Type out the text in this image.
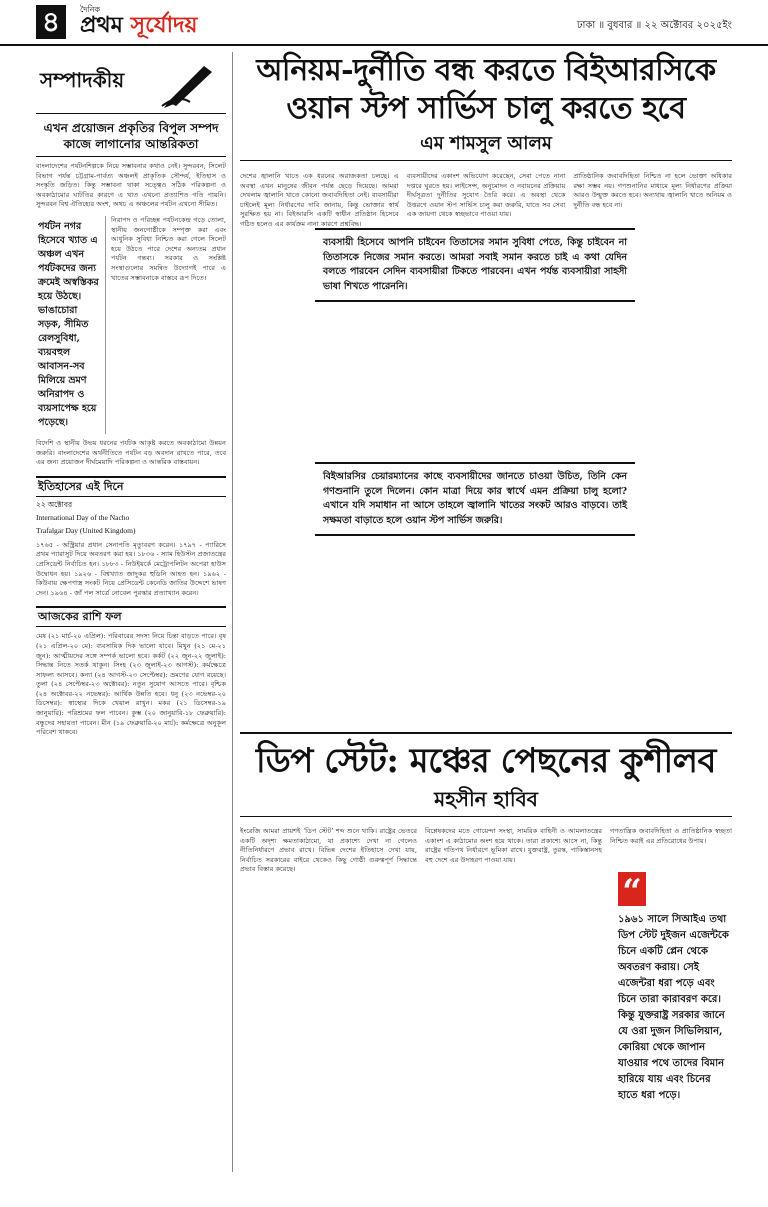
৪	দৈনিক
প্রথম সূর্যোদয়	ঢাকা ॥ বুধবার ॥ ২২ অক্টোবর ২০২৫ইং
সম্পাদকীয়
এখন প্রয়োজন প্রকৃতির বিপুল সম্পদ কাজে লাগানোর আন্তরিকতা

বাংলাদেশের পর্যটনশিল্পকে নিয়ে সম্ভাবনার কথাও নেই। সুন্দরবন, সিলেট বিভাগ পর্যন্ত চট্টগ্রাম-পার্বত্য অঞ্চলই প্রাকৃতিক সৌন্দর্য, ইতিহাস ও সংস্কৃতি জড়িত। কিন্তু সম্ভাবনা থাকা সত্ত্বেও সঠিক পরিকল্পনা ও অবকাঠামোর ঘাটতির কারণে এ খাত এখনো প্রত্যাশিত গতি পায়নি। সুন্দরবন বিশ্ব ঐতিহ্যের অংশ, অথচ এ অঞ্চলের পর্যটন এখনো সীমিত।

পর্যটন নগর হিসেবে খ্যাত এ অঞ্চল এখন পর্যটকদের জন্য ক্রমেই অস্বস্তিকর হয়ে উঠছে। ভাঙাচোরা সড়ক, সীমিত রেলসুবিধা, ব্যয়বহুল আবাসন-সব মিলিয়ে ভ্রমণ অনিরাপদ ও ব্যয়সাপেক্ষ হয়ে পড়েছে।

নিরাপদ ও পরিচ্ছন্ন পর্যটনকেন্দ্র গড়ে তোলা, স্থানীয় জনগোষ্ঠীকে সম্পৃক্ত করা এবং আধুনিক সুবিধা নিশ্চিত করা গেলে সিলেট হয়ে উঠতে পারে দেশের অন্যতম প্রধান পর্যটন গন্তব্য। সরকার ও সংশ্লিষ্ট সংস্থাগুলোর সমন্বিত উদ্যোগই পারে এ খাতের সম্ভাবনাকে বাস্তবে রূপ দিতে।

বিদেশি ও স্থানীয় উভয় ধরনের পর্যটক আকৃষ্ট করতে অবকাঠামো উন্নয়ন জরুরি। বাংলাদেশের অর্থনীতিতে পর্যটন বড় অবদান রাখতে পারে, তবে এর জন্য প্রয়োজন দীর্ঘমেয়াদি পরিকল্পনা ও আন্তরিক বাস্তবায়ন।

ইতিহাসের এই দিনে
২২ অক্টোবর
International Day of the Nacho
Trafalgar Day (United Kingdom)

১৭৬৫ - অস্ট্রিয়ার প্রধান সেনাপতি মৃত্যুবরণ করেন। ১৭৯৭ - প্যারিসে প্রথম প্যারাসুট দিয়ে অবতরণ করা হয়। ১৮৩৬ - স্যাম হিউস্টন প্রজাতন্ত্রের প্রেসিডেন্ট নির্বাচিত হন। ১৮৮৩ - নিউইয়র্কে মেট্রোপলিটন অপেরা হাউস উদ্বোধন হয়। ১৯২৬ - বিশ্বখ্যাত জাদুকর হুডিনি আহত হন। ১৯৬২ - কিউবায় ক্ষেপণাস্ত্র সংকট নিয়ে প্রেসিডেন্ট কেনেডি জাতির উদ্দেশে ভাষণ দেন। ১৯৬৪ - জাঁ পল সার্ত্রে নোবেল পুরস্কার প্রত্যাখ্যান করেন।

আজকের রাশি ফল

মেষ (২১ মার্চ-২০ এপ্রিল): পরিবারের সদস্য নিয়ে চিন্তা বাড়তে পারে। বৃষ (২১ এপ্রিল-২০ মে): ব্যবসায়িক দিক ভালো যাবে। মিথুন (২১ মে-২১ জুন): আত্মীয়দের সঙ্গে সম্পর্ক ভালো হবে। কর্কট (২২ জুন-২২ জুলাই): সিদ্ধান্ত নিতে সতর্ক থাকুন। সিংহ (২৩ জুলাই-২৩ আগস্ট): কর্মক্ষেত্রে সাফল্য আসবে। কন্যা (২৪ আগস্ট-২৩ সেপ্টেম্বর): ভ্রমণের যোগ রয়েছে। তুলা (২৪ সেপ্টেম্বর-২৩ অক্টোবর): নতুন সুযোগ আসতে পারে। বৃশ্চিক (২৪ অক্টোবর-২২ নভেম্বর): আর্থিক উন্নতি হবে। ধনু (২৩ নভেম্বর-২০ ডিসেম্বর): স্বাস্থ্যের দিকে খেয়াল রাখুন। মকর (২১ ডিসেম্বর-১৯ জানুয়ারি): পরিশ্রমের ফল পাবেন। কুম্ভ (২০ জানুয়ারি-১৮ ফেব্রুয়ারি): বন্ধুদের সহায়তা পাবেন। মীন (১৯ ফেব্রুয়ারি-২০ মার্চ): কর্মক্ষেত্রে অনুকূল পরিবেশ থাকবে।

অনিয়ম-দুর্নীতি বন্ধ করতে বিইআরসিকে ওয়ান স্টপ সার্ভিস চালু করতে হবে
এম শামসুল আলম

দেশের জ্বালানি খাতে এক ধরনের অরাজকতা চলছে। এ অবস্থা এখন মানুষের জীবন পর্যন্ত ছেড়ে দিয়েছে। আমরা দেখলাম জ্বালানি খাতে কোনো জবাবদিহিতা নেই। ব্যবসায়ীরা চাইলেই মূল্য নির্ধারণের দাবি জানায়, কিন্তু ভোক্তার স্বার্থ সুরক্ষিত হয় না। বিইআরসি একটি স্বাধীন প্রতিষ্ঠান হিসেবে গঠিত হলেও এর কার্যক্রম নানা কারণে প্রশ্নবিদ্ধ।

ব্যবসায়ীদের একাংশ অভিযোগ করেছেন, সেবা পেতে নানা দপ্তরে ঘুরতে হয়। লাইসেন্স, অনুমোদন ও নবায়নের প্রক্রিয়ায় দীর্ঘসূত্রতা দুর্নীতির সুযোগ তৈরি করে। এ অবস্থা থেকে উত্তরণে ওয়ান স্টপ সার্ভিস চালু করা জরুরি, যাতে সব সেবা এক জায়গা থেকে স্বচ্ছভাবে পাওয়া যায়।

প্রাতিষ্ঠানিক জবাবদিহিতা নিশ্চিত না হলে ভোক্তা অধিকার রক্ষা সম্ভব নয়। গণশুনানির মাধ্যমে মূল্য নির্ধারণের প্রক্রিয়া আরও উন্মুক্ত করতে হবে। অন্যথায় জ্বালানি খাতে অনিয়ম ও দুর্নীতি বন্ধ হবে না।

ব্যবসায়ী হিসেবে আপনি চাইবেন তিতাসের সমান সুবিধা পেতে, কিন্তু চাইবেন না তিতাসকে নিজের সমান করতে। আমরা সবাই সমান করতে চাই এ কথা যেদিন বলতে পারবেন সেদিন ব্যবসায়ীরা টিকতে পারবেন। এখন পর্যন্ত ব্যবসায়ীরা সাহসী ভাষা শিখতে পারেননি।
বিইআরসির চেয়ারম্যানের কাছে ব্যবসায়ীদের জানতে চাওয়া উচিত, তিনি কেন গণশুনানি তুলে দিলেন। কোন মাত্রা দিয়ে কার স্বার্থে এমন প্রক্রিয়া চালু হলো? এখানে যদি সমাধান না আসে তাহলে জ্বালানি খাতের সংকট আরও বাড়বে। তাই সক্ষমতা বাড়াতে হলে ওয়ান স্টপ সার্ভিস জরুরি।
ডিপ স্টেট: মঞ্চের পেছনের কুশীলব
মহসীন হাবিব

ইংরেজি আমরা প্রায়শই ‘ডিপ স্টেট’ শব্দ শুনে থাকি। রাষ্ট্রের ভেতরে একটি অদৃশ্য ক্ষমতাকাঠামো, যা প্রকাশ্যে দেখা না গেলেও নীতিনির্ধারণে প্রভাব রাখে। বিভিন্ন দেশের ইতিহাসে দেখা যায়, নির্বাচিত সরকারের বাইরে থেকেও কিছু গোষ্ঠী গুরুত্বপূর্ণ সিদ্ধান্তে প্রভাব বিস্তার করেছে।

বিশ্লেষকদের মতে গোয়েন্দা সংস্থা, সামরিক বাহিনী ও আমলাতন্ত্রের একাংশ এ কাঠামোর অংশ হয়ে থাকে। তারা প্রকাশ্যে আসে না, কিন্তু রাষ্ট্রের গতিপথ নির্ধারণে ভূমিকা রাখে। যুক্তরাষ্ট্র, তুরস্ক, পাকিস্তানসহ বহু দেশে এর উদাহরণ পাওয়া যায়।

গণতান্ত্রিক জবাবদিহিতা ও প্রাতিষ্ঠানিক স্বচ্ছতা নিশ্চিত করাই এর প্রতিরোধের উপায়।

“
১৯৬১ সালে সিআইএ তথা ডিপ স্টেট দুইজন এজেন্টকে চিনে একটি প্লেন থেকে অবতরণ করায়। সেই এজেন্টরা ধরা পড়ে এবং চিনে তারা কারাবরণ করে। কিন্তু যুক্তরাষ্ট্র সরকার জানে যে ওরা দুজন সিভিলিয়ান, কোরিয়া থেকে জাপান যাওয়ার পথে তাদের বিমান হারিয়ে যায় এবং চিনের হাতে ধরা পড়ে।
